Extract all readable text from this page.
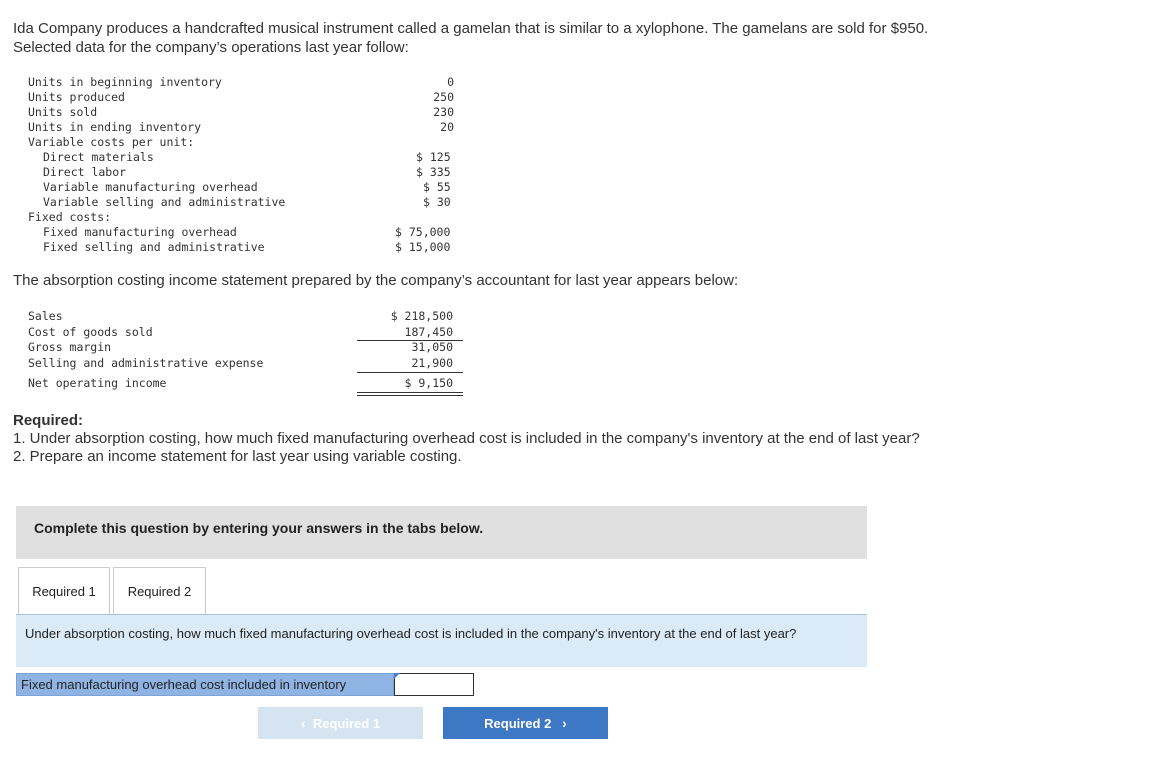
Ida Company produces a handcrafted musical instrument called a gamelan that is similar to a xylophone. The gamelans are sold for $950. Selected data for the company’s operations last year follow:
Units in beginning inventory
Units produced
Units sold
Units in ending inventory
Variable costs per unit:
Direct materials
Direct labor
Variable manufacturing overhead
Variable selling and administrative
Fixed costs:
Fixed manufacturing overhead
Fixed selling and administrative
0
250
230
20
$ 125
$ 335
$ 55
$ 30
$ 75,000
$ 15,000
The absorption costing income statement prepared by the company’s accountant for last year appears below:
Sales
Cost of goods sold
Gross margin
Selling and administrative expense
Net operating income
$ 218,500
187,450
31,050
21,900
$ 9,150
Required:
1. Under absorption costing, how much fixed manufacturing overhead cost is included in the company's inventory at the end of last year?
2. Prepare an income statement for last year using variable costing.
Complete this question by entering your answers in the tabs below.
Required 1	Required 2
Under absorption costing, how much fixed manufacturing overhead cost is included in the company's inventory at the end of last year?
Fixed manufacturing overhead cost included in inventory
‹ Required 1	Required 2 ›
